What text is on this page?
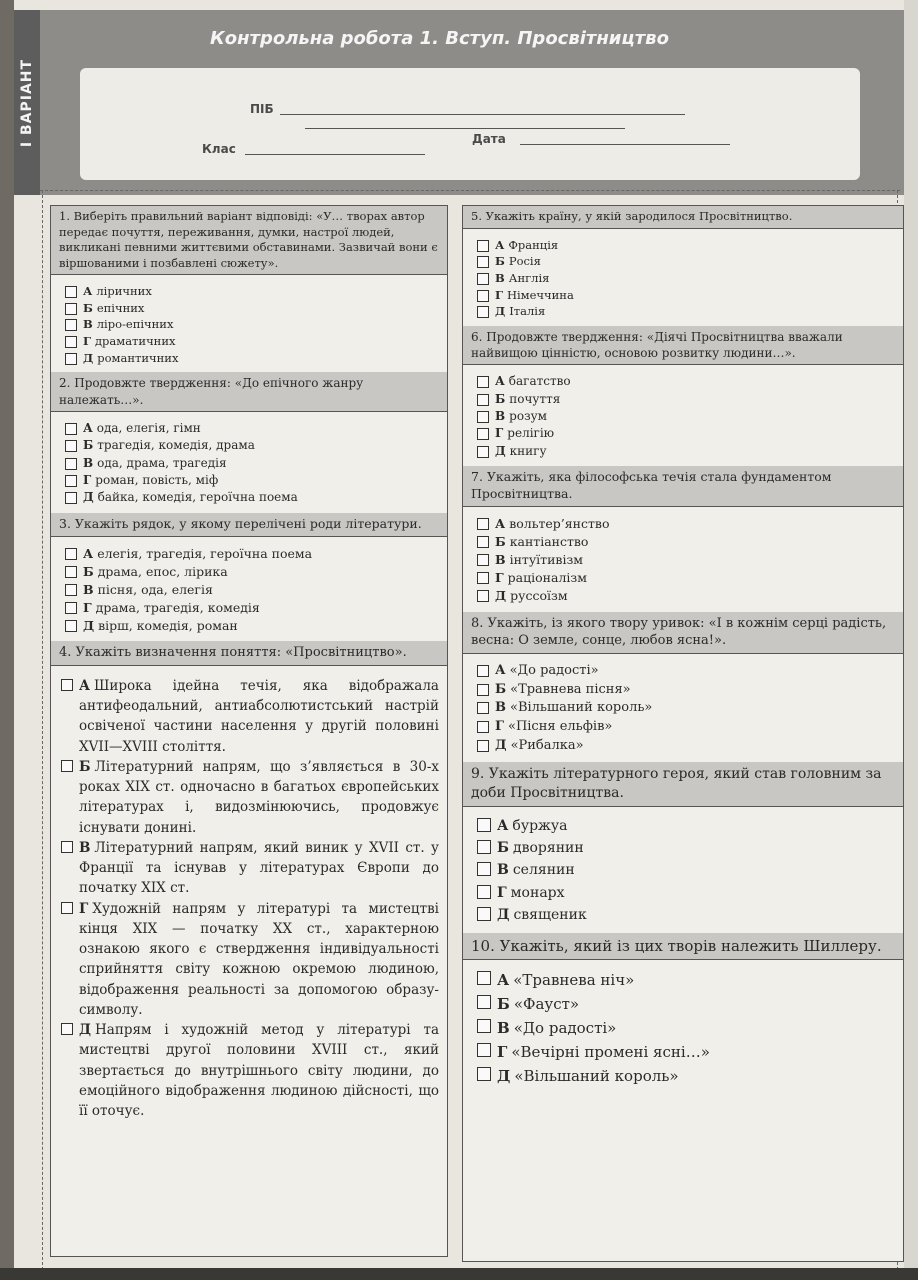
І ВАРІАНТ
Контрольна робота 1. Вступ. Просвітництво
ПІБ
Дата
Клас
1. Виберіть правильний варіант відповіді: «У… творах автор передає почуття, переживання, думки, настрої людей, викликані певними життєвими обставинами. Зазвичай вони є віршованими і позбавлені сюжету».
А ліричних
Б епічних
В ліро-епічних
Г драматичних
Д романтичних
2. Продовжте твердження: «До епічного жанру належать…».
А ода, елегія, гімн
Б трагедія, комедія, драма
В ода, драма, трагедія
Г роман, повість, міф
Д байка, комедія, героїчна поема
3. Укажіть рядок, у якому перелічені роди літератури.
А елегія, трагедія, героїчна поема
Б драма, епос, лірика
В пісня, ода, елегія
Г драма, трагедія, комедія
Д вірш, комедія, роман
4. Укажіть визначення поняття: «Просвітництво».
А Широка ідейна течія, яка відображала антифеодальний, антиабсолютистський настрій освіченої частини населення у другій половині XVII—XVIII століття.
Б Літературний напрям, що з’являється в 30-х роках XIX ст. одночасно в багатьох європейських літературах і, видозмінюючись, продовжує існувати донині.
В Літературний напрям, який виник у XVII ст. у Франції та існував у літературах Європи до початку XIX ст.
Г Художній напрям у літературі та мистецтві кінця XIX — початку XX ст., характерною ознакою якого є ствердження індивідуальності сприйняття світу кожною окремою людиною, відображення реальності за допомогою образу-символу.
Д Напрям і художній метод у літературі та мистецтві другої половини XVIII ст., який звертається до внутрішнього світу людини, до емоційного відображення людиною дійсності, що її оточує.
5. Укажіть країну, у якій зародилося Просвітництво.
А Франція
Б Росія
В Англія
Г Німеччина
Д Італія
6. Продовжте твердження: «Діячі Просвітництва вважали найвищою цінністю, основою розвитку людини…».
А багатство
Б почуття
В розум
Г релігію
Д книгу
7. Укажіть, яка філософська течія стала фундаментом Просвітництва.
А вольтер’янство
Б кантіанство
В інтуїтивізм
Г раціоналізм
Д руссоїзм
8. Укажіть, із якого твору уривок: «І в кожнім серці радість, весна: О земле, сонце, любов ясна!».
А «До радості»
Б «Травнева пісня»
В «Вільшаний король»
Г «Пісня ельфів»
Д «Рибалка»
9. Укажіть літературного героя, який став головним за доби Просвітництва.
А буржуа
Б дворянин
В селянин
Г монарх
Д священик
10. Укажіть, який із цих творів належить Шиллеру.
А «Травнева ніч»
Б «Фауст»
В «До радості»
Г «Вечірні промені ясні…»
Д «Вільшаний король»
